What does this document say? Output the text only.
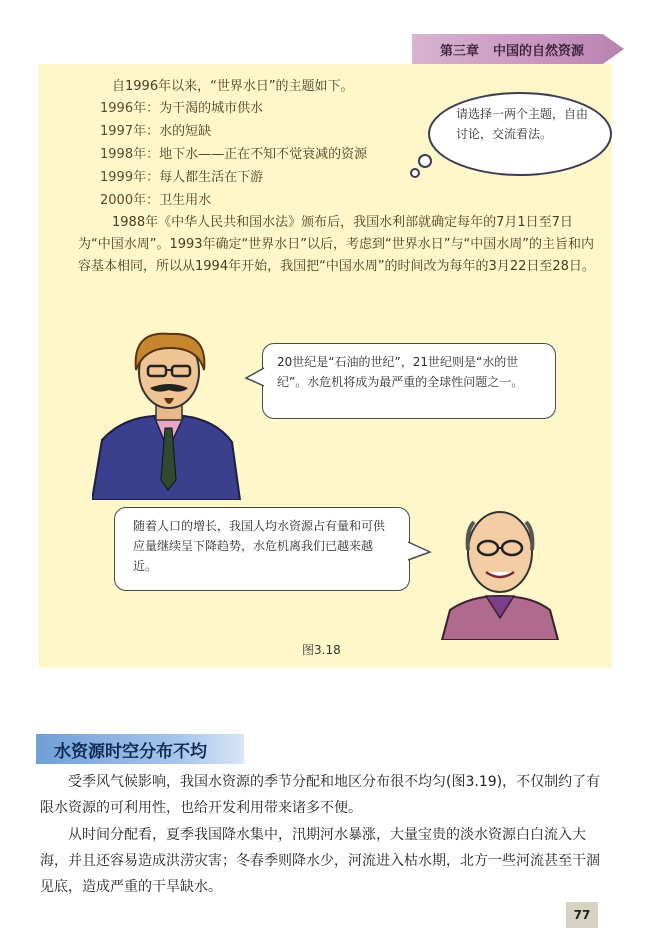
第三章 中国的自然资源
自1996年以来，“世界水日”的主题如下。
1996年：为干渴的城市供水
1997年：水的短缺
1998年：地下水——正在不知不觉衰减的资源
1999年：每人都生活在下游
2000年：卫生用水
1988年《中华人民共和国水法》颁布后，我国水利部就确定每年的7月1日至7日为“中国水周”。1993年确定“世界水日”以后，考虑到“世界水日”与“中国水周”的主旨和内容基本相同，所以从1994年开始，我国把“中国水周”的时间改为每年的3月22日至28日。
请选择一两个主题，自由讨论，交流看法。
20世纪是“石油的世纪”，21世纪则是“水的世纪”。水危机将成为最严重的全球性问题之一。
随着人口的增长，我国人均水资源占有量和可供应量继续呈下降趋势，水危机离我们已越来越近。
图3.18
水资源时空分布不均
受季风气候影响，我国水资源的季节分配和地区分布很不均匀(图3.19)，不仅制约了有限水资源的可利用性，也给开发利用带来诸多不便。
从时间分配看，夏季我国降水集中，汛期河水暴涨，大量宝贵的淡水资源白白流入大海，并且还容易造成洪涝灾害；冬春季则降水少，河流进入枯水期，北方一些河流甚至干涸见底，造成严重的干旱缺水。
77
